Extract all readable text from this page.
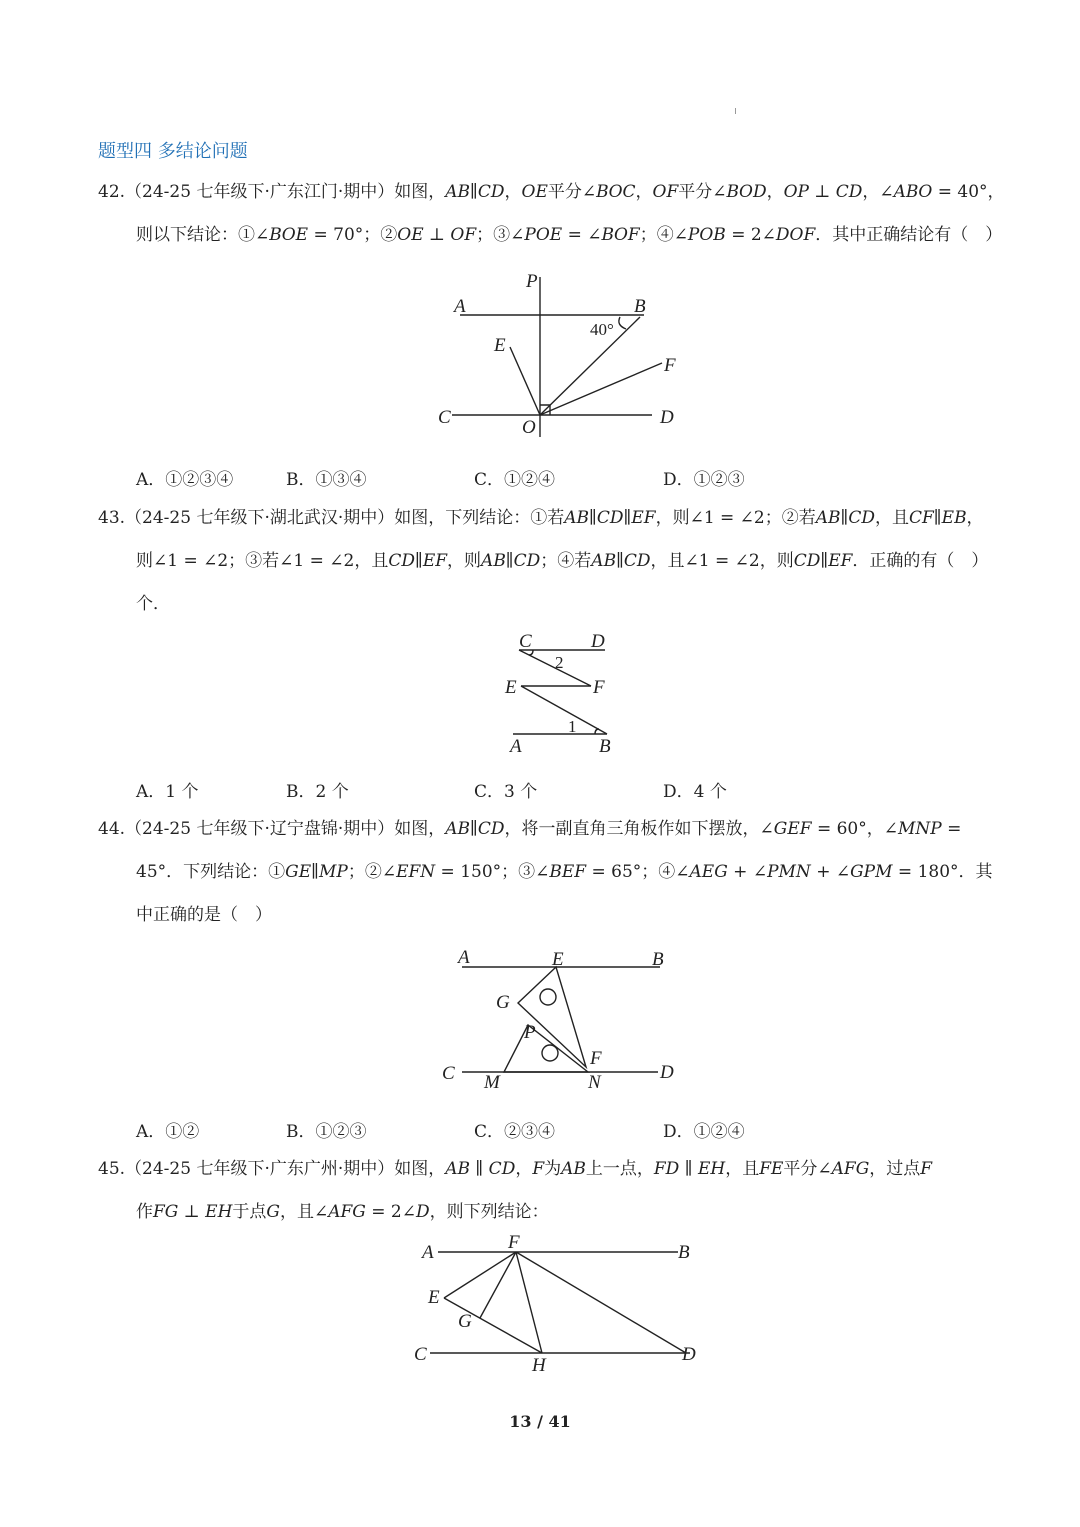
题型四 多结论问题
42.（24-25 七年级下·广东江门·期中）如图，𝐴𝐵∥𝐶𝐷，𝑂𝐸平分∠𝐵𝑂𝐶，𝑂𝐹平分∠𝐵𝑂𝐷，𝑂𝑃 ⊥ 𝐶𝐷，∠𝐴𝐵𝑂 = 40°，
则以下结论：①∠𝐵𝑂𝐸 = 70°；②𝑂𝐸 ⊥ 𝑂𝐹；③∠𝑃𝑂𝐸 = ∠𝐵𝑂𝐹；④∠𝑃𝑂𝐵 = 2∠𝐷𝑂𝐹．其中正确结论有（　）
P
A	B
40°
E
F
C	D
O
A．①②③④	B．①③④	C．①②④	D．①②③
43.（24-25 七年级下·湖北武汉·期中）如图，下列结论：①若𝐴𝐵∥𝐶𝐷∥𝐸𝐹，则∠1 = ∠2；②若𝐴𝐵∥𝐶𝐷，且𝐶𝐹∥𝐸𝐵，
则∠1 = ∠2；③若∠1 = ∠2，且𝐶𝐷∥𝐸𝐹，则𝐴𝐵∥𝐶𝐷；④若𝐴𝐵∥𝐶𝐷，且∠1 = ∠2，则𝐶𝐷∥𝐸𝐹．正确的有（　）
个．
C	D
2
E	F
1
A	B
A．1 个	B．2 个	C．3 个	D．4 个
44.（24-25 七年级下·辽宁盘锦·期中）如图，𝐴𝐵∥𝐶𝐷，将一副直角三角板作如下摆放，∠𝐺𝐸𝐹 = 60°，∠𝑀𝑁𝑃 =
45°．下列结论：①𝐺𝐸∥𝑀𝑃；②∠𝐸𝐹𝑁 = 150°；③∠𝐵𝐸𝐹 = 65°；④∠𝐴𝐸𝐺 + ∠𝑃𝑀𝑁 + ∠𝐺𝑃𝑀 = 180°．其
中正确的是（　）
A	E	B
G
P
F
C M	N	D
A．①②	B．①②③	C．②③④	D．①②④
45.（24-25 七年级下·广东广州·期中）如图，𝐴𝐵 ∥ 𝐶𝐷，𝐹为𝐴𝐵上一点，𝐹𝐷 ∥ 𝐸𝐻，且𝐹𝐸平分∠𝐴𝐹𝐺，过点𝐹
作𝐹𝐺 ⊥ 𝐸𝐻于点𝐺，且∠𝐴𝐹𝐺 = 2∠𝐷，则下列结论：
A	F	B
E
G
C
H
D
13 / 41
